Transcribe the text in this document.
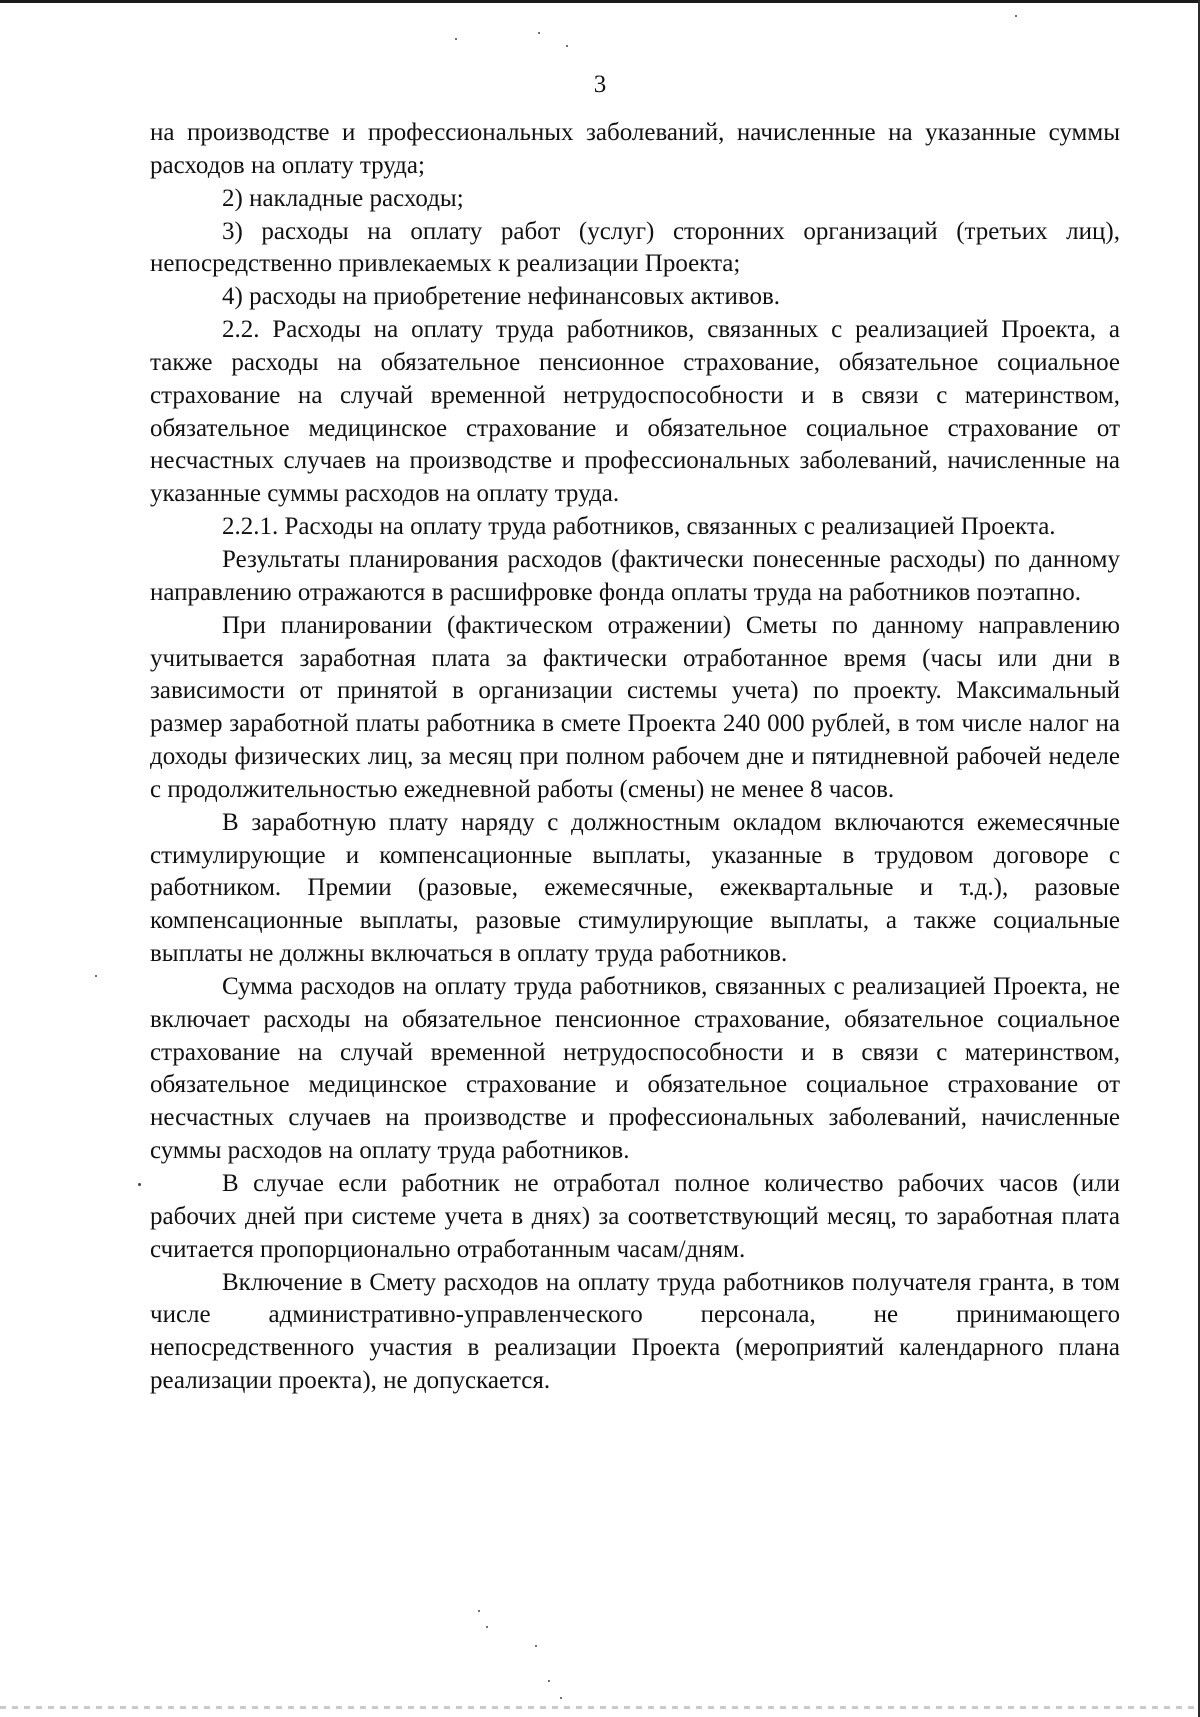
3

на производстве и профессиональных заболеваний, начисленные на указанные суммы расходов на оплату труда;

2) накладные расходы;

3) расходы на оплату работ (услуг) сторонних организаций (третьих лиц), непосредственно привлекаемых к реализации Проекта;

4) расходы на приобретение нефинансовых активов.

2.2. Расходы на оплату труда работников, связанных с реализацией Проекта, а также расходы на обязательное пенсионное страхование, обязательное социальное страхование на случай временной нетрудоспособности и в связи с материнством, обязательное медицинское страхование и обязательное социальное страхование от несчастных случаев на производстве и профессиональных заболеваний, начисленные на указанные суммы расходов на оплату труда.

2.2.1. Расходы на оплату труда работников, связанных с реализацией Проекта.

Результаты планирования расходов (фактически понесенные расходы) по данному направлению отражаются в расшифровке фонда оплаты труда на работников поэтапно.

При планировании (фактическом отражении) Сметы по данному направлению учитывается заработная плата за фактически отработанное время (часы или дни в зависимости от принятой в организации системы учета) по проекту. Максимальный размер заработной платы работника в смете Проекта 240 000 рублей, в том числе налог на доходы физических лиц, за месяц при полном рабочем дне и пятидневной рабочей неделе с продолжительностью ежедневной работы (смены) не менее 8 часов.

В заработную плату наряду с должностным окладом включаются ежемесячные стимулирующие и компенсационные выплаты, указанные в трудовом договоре с работником. Премии (разовые, ежемесячные, ежеквартальные и т.д.), разовые компенсационные выплаты, разовые стимулирующие выплаты, а также социальные выплаты не должны включаться в оплату труда работников.

Сумма расходов на оплату труда работников, связанных с реализацией Проекта, не включает расходы на обязательное пенсионное страхование, обязательное социальное страхование на случай временной нетрудоспособности и в связи с материнством, обязательное медицинское страхование и обязательное социальное страхование от несчастных случаев на производстве и профессиональных заболеваний, начисленные суммы расходов на оплату труда работников.

В случае если работник не отработал полное количество рабочих часов (или рабочих дней при системе учета в днях) за соответствующий месяц, то заработная плата считается пропорционально отработанным часам/дням.

Включение в Смету расходов на оплату труда работников получателя гранта, в том числе административно-управленческого персонала, не принимающего непосредственного участия в реализации Проекта (мероприятий календарного плана реализации проекта), не допускается.
